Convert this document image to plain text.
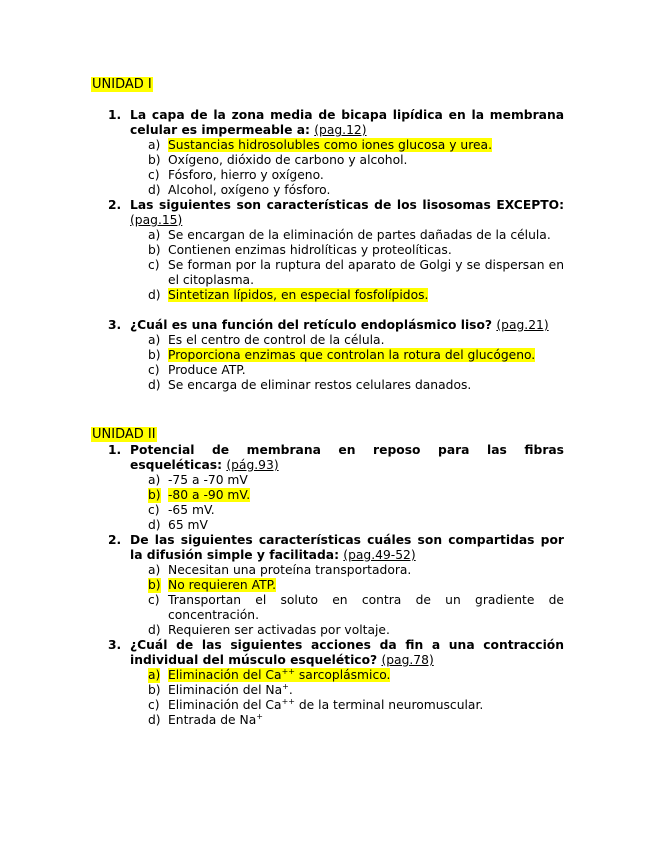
UNIDAD I
1. La capa de la zona media de bicapa lipídica en la membrana celular es impermeable a: (pag.12)
a) Sustancias hidrosolubles como iones glucosa y urea.
b) Oxígeno, dióxido de carbono y alcohol.
c) Fósforo, hierro y oxígeno.
d) Alcohol, oxígeno y fósforo.
2. Las siguientes son características de los lisosomas EXCEPTO: (pag.15)
a) Se encargan de la eliminación de partes dañadas de la célula.
b) Contienen enzimas hidrolíticas y proteolíticas.
c) Se forman por la ruptura del aparato de Golgi y se dispersan en el citoplasma.
d) Sintetizan lípidos, en especial fosfolípidos.
3. ¿Cuál es una función del retículo endoplásmico liso? (pag.21)
a) Es el centro de control de la célula.
b) Proporciona enzimas que controlan la rotura del glucógeno.
c) Produce ATP.
d) Se encarga de eliminar restos celulares danados.
UNIDAD II
1. Potencial de membrana en reposo para las fibras esqueléticas: (pág.93)
a) -75 a -70 mV
b) -80 a -90 mV.
c) -65 mV.
d) 65 mV
2. De las siguientes características cuáles son compartidas por la difusión simple y facilitada: (pag.49-52)
a) Necesitan una proteína transportadora.
b) No requieren ATP.
c) Transportan el soluto en contra de un gradiente de concentración.
d) Requieren ser activadas por voltaje.
3. ¿Cuál de las siguientes acciones da fin a una contracción individual del músculo esquelético? (pag.78)
a) Eliminación del Ca++ sarcoplásmico.
b) Eliminación del Na+.
c) Eliminación del Ca++ de la terminal neuromuscular.
d) Entrada de Na+
